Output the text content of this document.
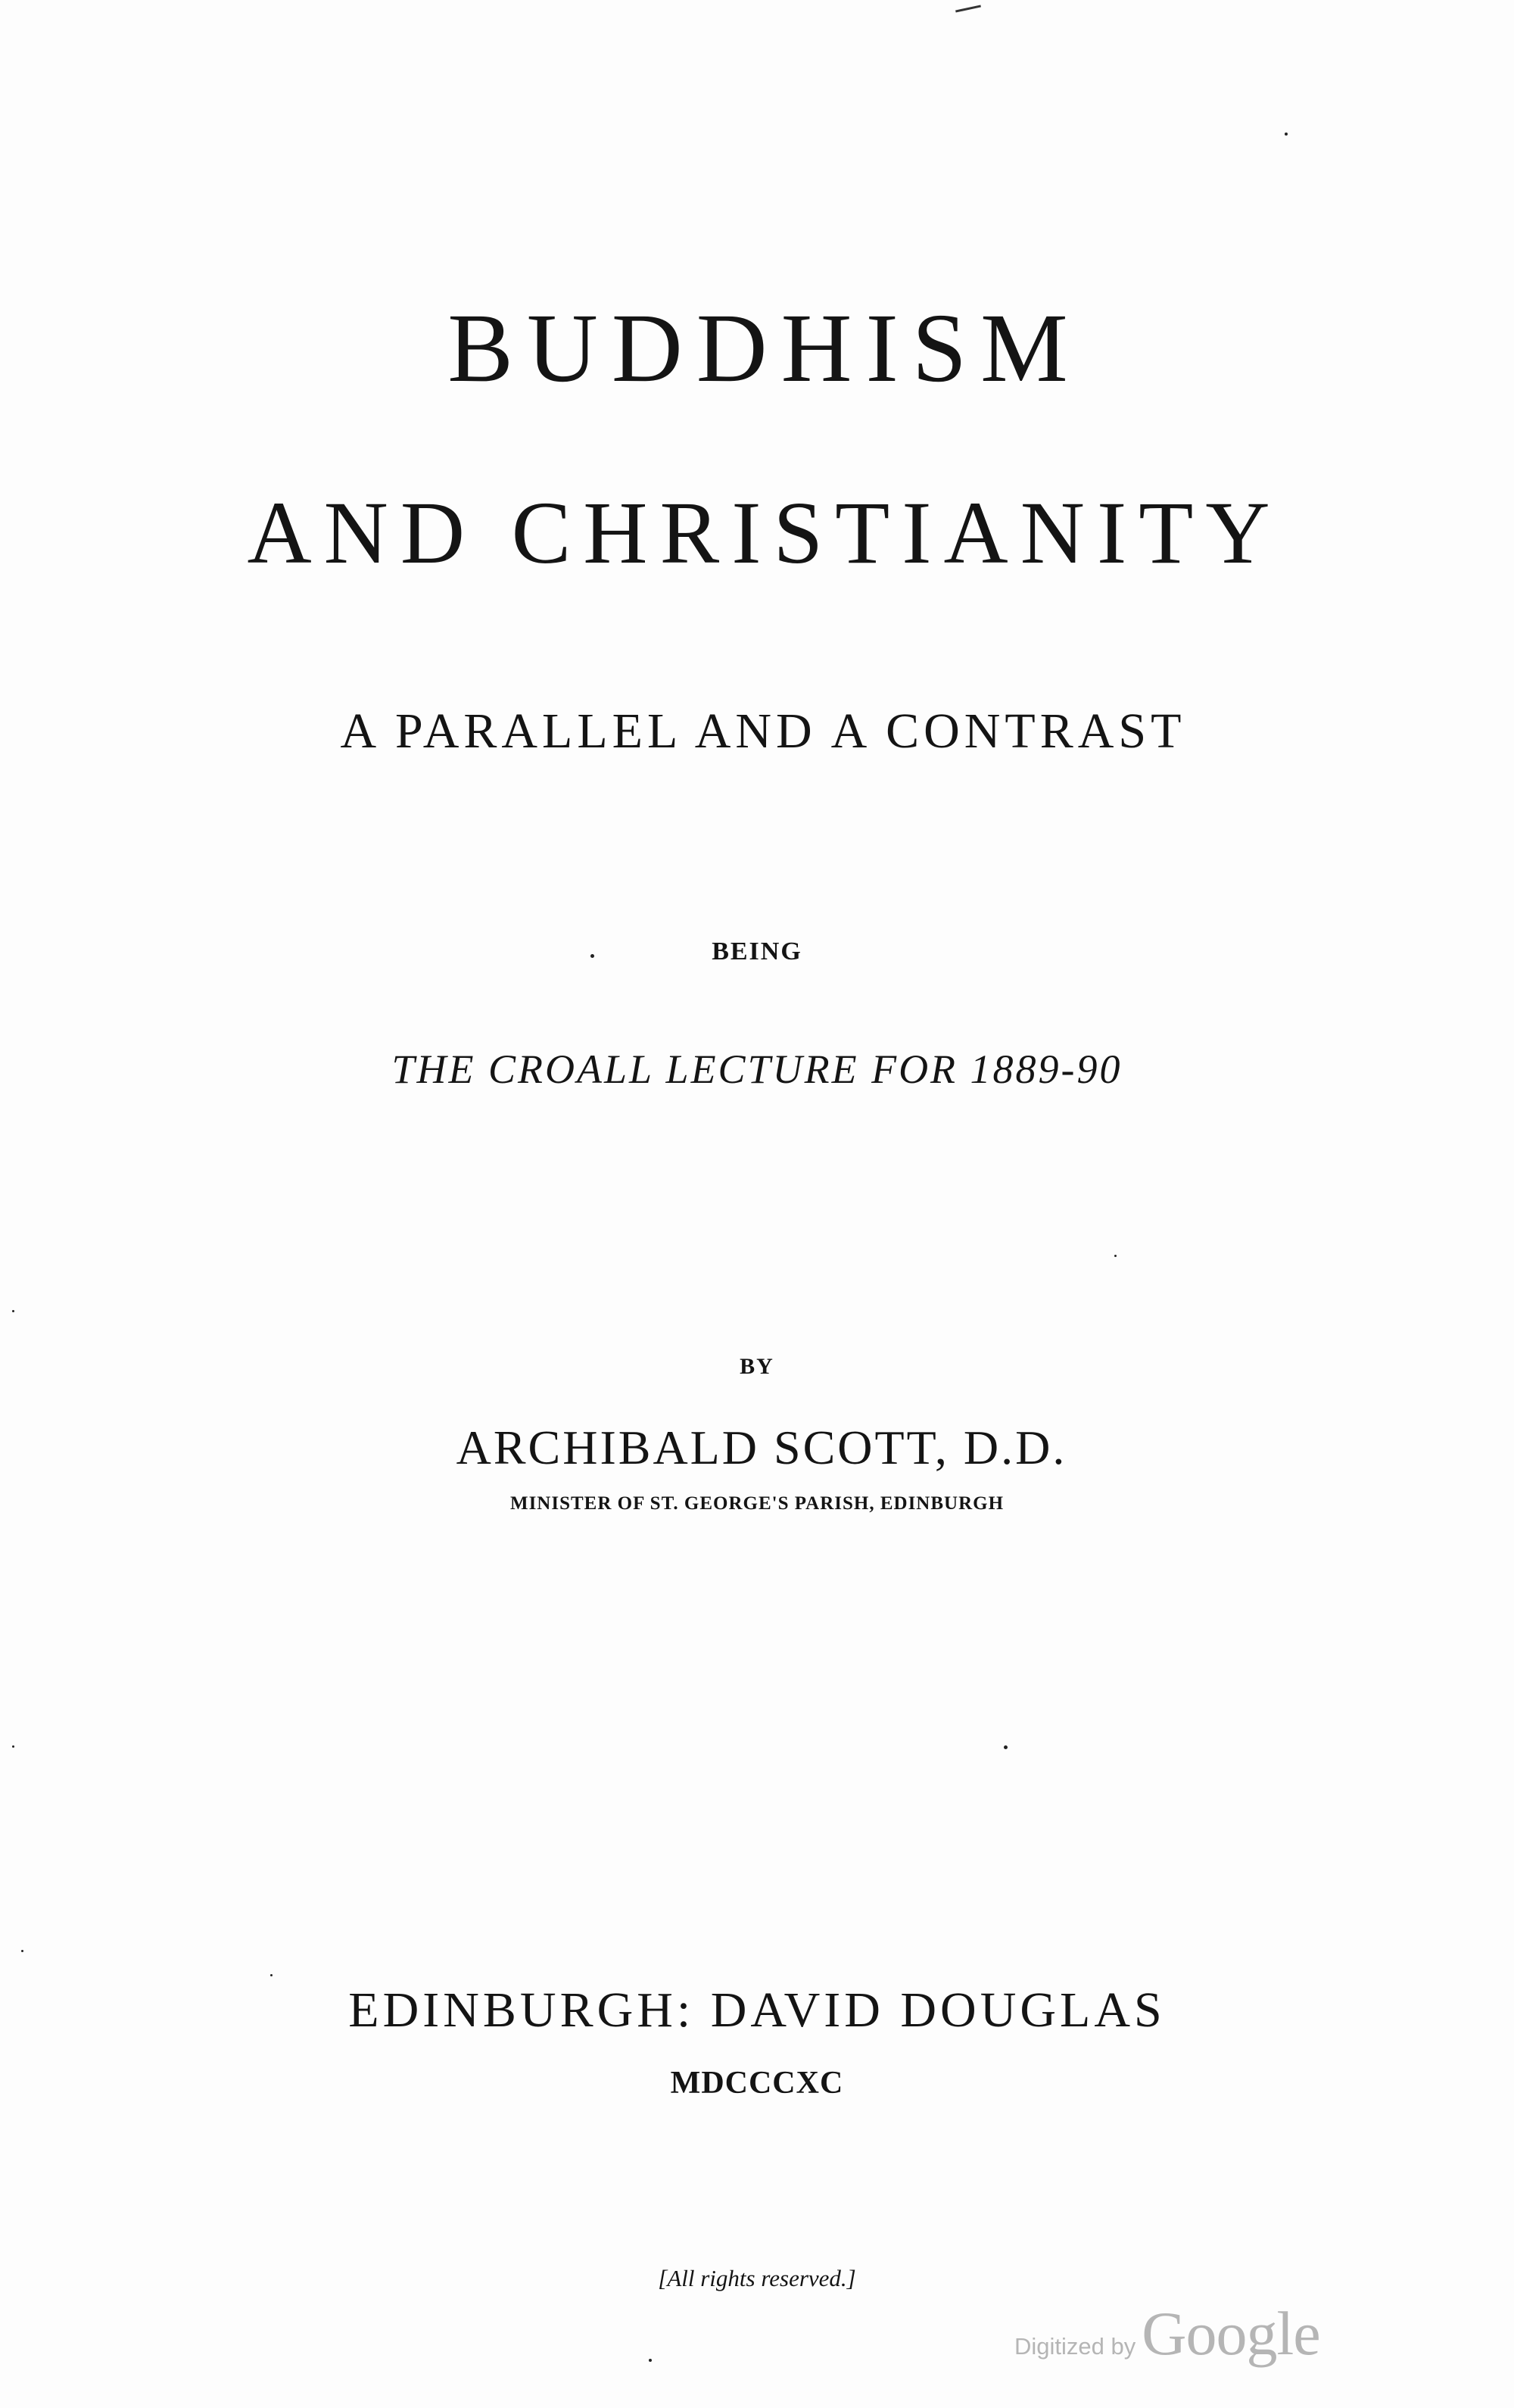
BUDDHISM
AND CHRISTIANITY
A PARALLEL AND A CONTRAST
BEING
THE CROALL LECTURE FOR 1889-90
BY
ARCHIBALD SCOTT, D.D.
MINISTER OF ST. GEORGE'S PARISH, EDINBURGH
EDINBURGH: DAVID DOUGLAS
MDCCCXC
[All rights reserved.]
Digitized by Google
